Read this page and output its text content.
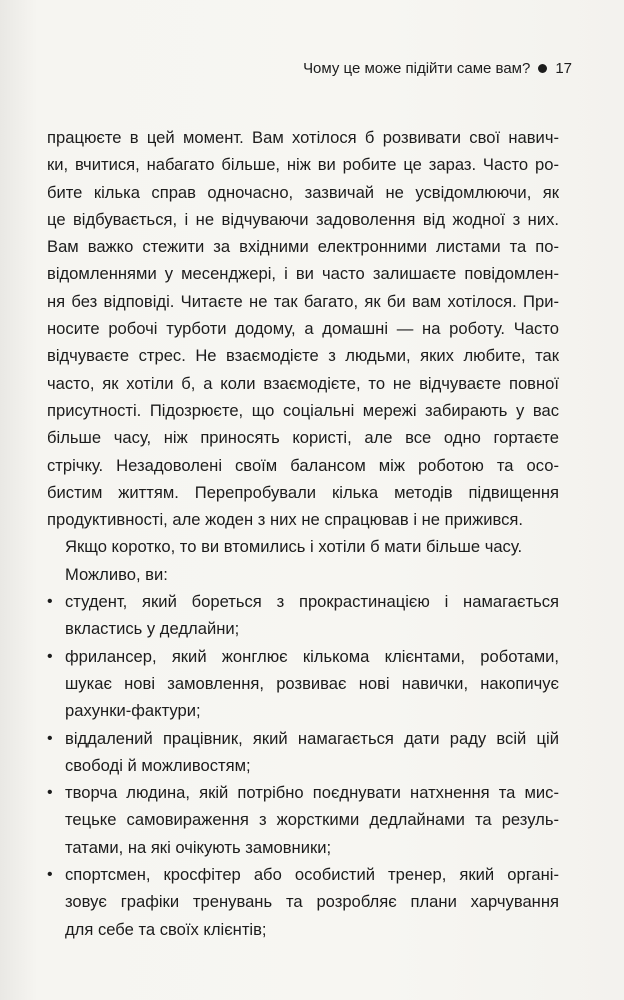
Чому це може підійти саме вам? 17
працюєте в цей момент. Вам хотілося б розвивати свої навич-
ки, вчитися, набагато більше, ніж ви робите це зараз. Часто ро-
бите кілька справ одночасно, зазвичай не усвідомлюючи, як
це відбувається, і не відчуваючи задоволення від жодної з них.
Вам важко стежити за вхідними електронними листами та по-
відомленнями у месенджері, і ви часто залишаєте повідомлен-
ня без відповіді. Читаєте не так багато, як би вам хотілося. При-
носите робочі турботи додому, а домашні — на роботу. Часто
відчуваєте стрес. Не взаємодієте з людьми, яких любите, так
часто, як хотіли б, а коли взаємодієте, то не відчуваєте повної
присутності. Підозрюєте, що соціальні мережі забирають у вас
більше часу, ніж приносять користі, але все одно гортаєте
стрічку. Незадоволені своїм балансом між роботою та осо-
бистим життям. Перепробували кілька методів підвищення
продуктивності, але жоден з них не спрацював і не прижився.
Якщо коротко, то ви втомились і хотіли б мати більше часу.
Можливо, ви:
• студент, який бореться з прокрастинацією і намагається
вкластись у дедлайни;
• фрилансер, який жонглює кількома клієнтами, роботами,
шукає нові замовлення, розвиває нові навички, накопичує
рахунки-фактури;
• віддалений працівник, який намагається дати раду всій цій
свободі й можливостям;
• творча людина, якій потрібно поєднувати натхнення та мис-
тецьке самовираження з жорсткими дедлайнами та резуль-
татами, на які очікують замовники;
• спортсмен, кросфітер або особистий тренер, який органі-
зовує графіки тренувань та розробляє плани харчування
для себе та своїх клієнтів;
